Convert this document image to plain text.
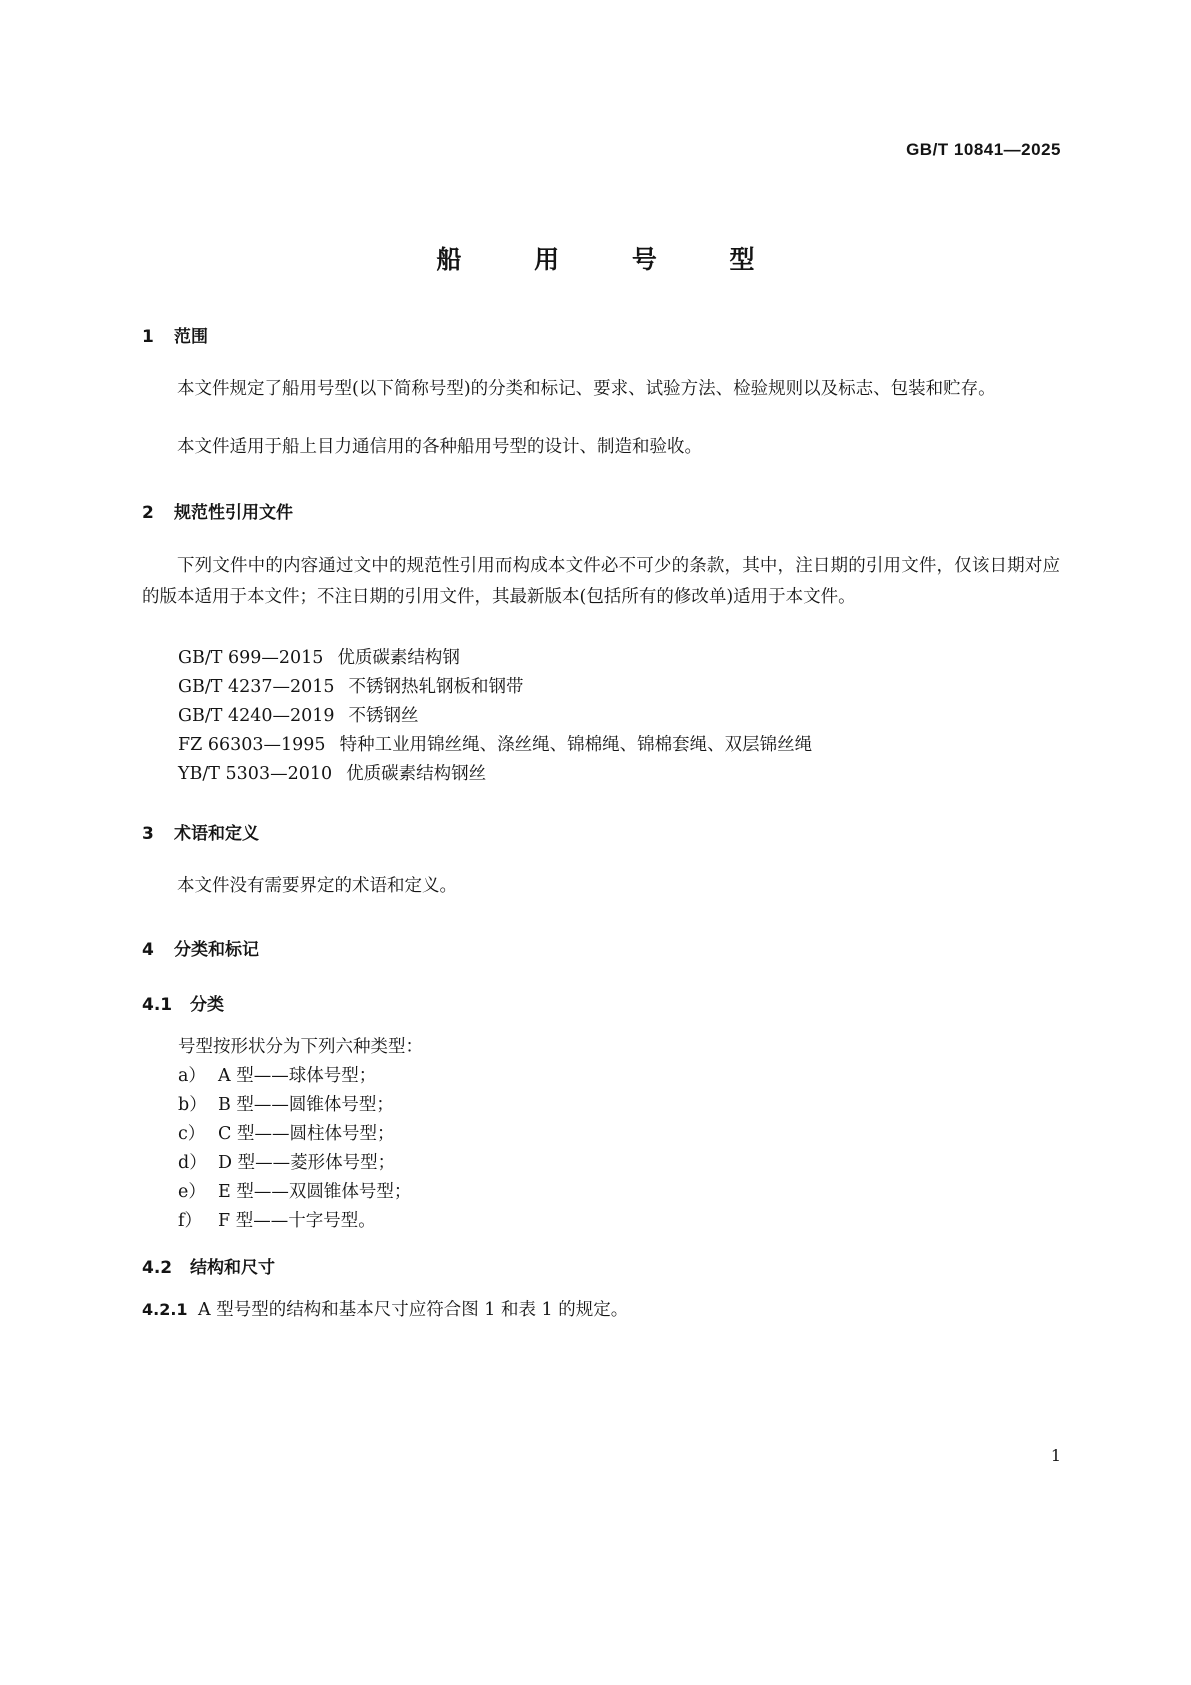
GB/T 10841—2025
船 用 号 型
1 范围

本文件规定了船用号型(以下简称号型)的分类和标记、要求、试验方法、检验规则以及标志、包装和贮存。

本文件适用于船上目力通信用的各种船用号型的设计、制造和验收。

2 规范性引用文件

下列文件中的内容通过文中的规范性引用而构成本文件必不可少的条款，其中，注日期的引用文件，仅该日期对应的版本适用于本文件；不注日期的引用文件，其最新版本(包括所有的修改单)适用于本文件。

GB/T 699—2015 优质碳素结构钢
GB/T 4237—2015 不锈钢热轧钢板和钢带
GB/T 4240—2019 不锈钢丝
FZ 66303—1995 特种工业用锦丝绳、涤丝绳、锦棉绳、锦棉套绳、双层锦丝绳
YB/T 5303—2010 优质碳素结构钢丝
3 术语和定义

本文件没有需要界定的术语和定义。

4 分类和标记
4.1 分类
号型按形状分为下列六种类型：
a） A 型——球体号型；
b） B 型——圆锥体号型；
c） C 型——圆柱体号型；
d） D 型——菱形体号型；
e） E 型——双圆锥体号型；
f） F 型——十字号型。
4.2 结构和尺寸
4.2.1 A 型号型的结构和基本尺寸应符合图 1 和表 1 的规定。
1
